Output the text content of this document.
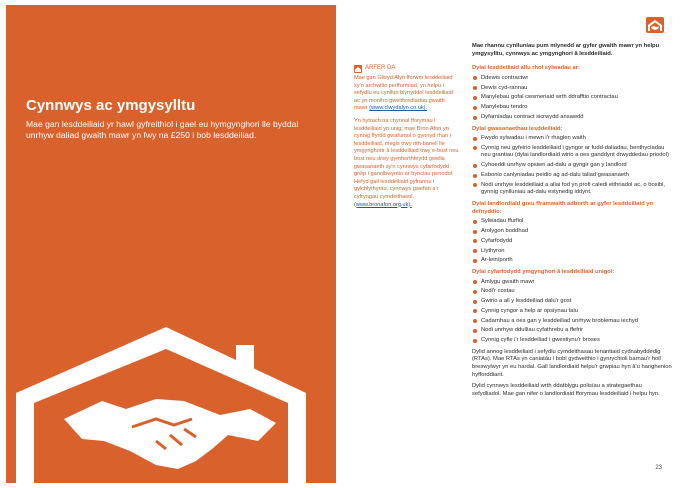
Cynnwys ac ymgysylltu

Mae gan lesddeiliaid yr hawl gyfreithiol i gael eu hymgynghori lle byddai unrhyw daliad gwaith mawr yn fwy na £250 i bob lesddeiliad.

ARFER DA

Mae gan Glwyd Alyn fforwm lesddeiliaid sy'n archwilio perfformiad, yn helpu i sefydlu eu cynllun blynyddol lesddeiliaid ac yn monitro gweithrediadau gwaith mawr (www.clwydalyn.co.uk).

Yn hytrach na chynnal fforymau i lesddeiliaid yn unig, mae Bron Afon yn cynnig ffyrdd gwahanol o gynnyd rhan i lesddeiliaid, megis trwy rith-baneli lle ymgynghorir â lesddeiliaid trwy e-bost neu bost neu drwy gymhorthfeydd gwella gwasanaeth sy'n cynnwys cyfarfodydd grŵp i ganolbwyntio ar bynciau penodol. Hefyd gall lesddeiliaid gyfrannu i gylchlythyrau, cynnwys gwefan a'r cyfryngau cymdeithasol. (www.bronafon.org.uk).

Mae rhannu cynlluniau pum mlynedd ar gyfer gwaith mawr yn helpu ymgysylltu, cynnwys ac ymgynghori â lesddeiliaid.

Dylai lesddeiliaid allu rhoi sylwadau ar:

Ddewis contractwr
Dewis cyd-rannau
Manylebau gofal cwsmeriaid wrth ddrafftio contractau
Manylebau tendro
Dyfarniadau contract sicrwydd ansawdd

Dylai gwasanaethau lesddeiliaid:

Fwydo sylwadau i mewn i'r rhaglen waith
Cynnig neu gyfeirio lesddeiliaid i gyngor ar fudd-daliadau, benthyciadau neu grantiau (dylai landlordiaid wirio a oes ganddynt drwyddedau priodol)
Cyhoeddi unrhyw opsiwn ad-dalu a gyngir gan y landlord
Esbonio canlyniadau peidio ag ad-dalu taliad gwasanaeth
Nodi unrhyw lesddeiliaid a allai fod yn profi caledi eithriadol ac, o bosibl, gynnig cynlluniau ad-dalu estynedig iddynt.

Dylai landlordiaid greu fframwaith adborth ar gyfer lesddeiliaid yn defnyddio:

Sylwadau ffurfiol
Arolygon boddhad
Cyfarfodydd
Llythyron
Ar-lein/porth

Dylai cyfarfodydd ymgynghori â lesddeiliaid unigol:

Amlygu gwaith mawr
Nodi'r costau
Gwirio a all y lesddeiliad dalu'r gost
Cynnig cyngor a help ar opsiynau talu
Cadarnhau a oes gan y lesddeiliad unrhyw broblemau iechyd
Nodi unrhyw ddulliau cyfathrebu a ffefrir
Cynnig cyfle i'r lesddeiliad i gwestiynu'r broses

Dylid annog lesddeiliaid i sefydlu cymdeithasau tenantiaid cydnabyddedig (RTAs). Mae RTAs yn caniatáu i bobl gydweithio i gynrychioli barnau'r holl breswylwyr yn eu hardal. Gall landlordiaid helpu'r grwpiau hyn â'u hanghenion hyfforddiant.

Dylid cynnwys lesddeiliaid wrth ddatblygu polisïau a strategaethau sefydliadol. Mae gan nifer o landlordiaid fforymau lesddeiliaid i helpu hyn.

23
